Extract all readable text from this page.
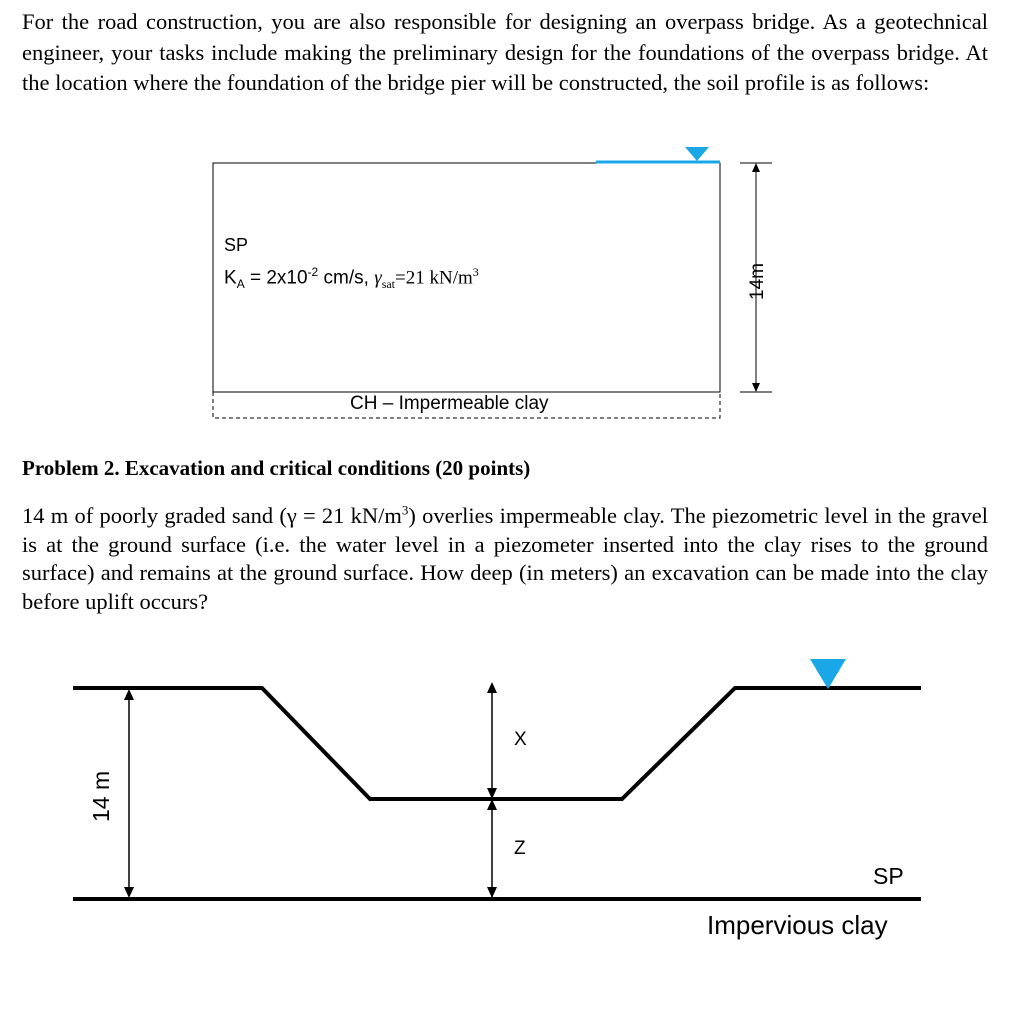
For the road construction, you are also responsible for designing an overpass bridge. As a geotechnical engineer, your tasks include making the preliminary design for the foundations of the overpass bridge. At the location where the foundation of the bridge pier will be constructed, the soil profile is as follows:
SP
$K_A = 2x10^{-2}$ cm/s, $\gamma_{sat}=21$ $kN/m^3$
CH – Impermeable clay
14m
Problem 2. Excavation and critical conditions (20 points)
14 m of poorly graded sand (γ = 21 $kN/m^3$) overlies impermeable clay. The piezometric level in the gravel is at the ground surface (i.e. the water level in a piezometer inserted into the clay rises to the ground surface) and remains at the ground surface. How deep (in meters) an excavation can be made into the clay before uplift occurs?
14 m
X
Z
SP
Impervious clay
